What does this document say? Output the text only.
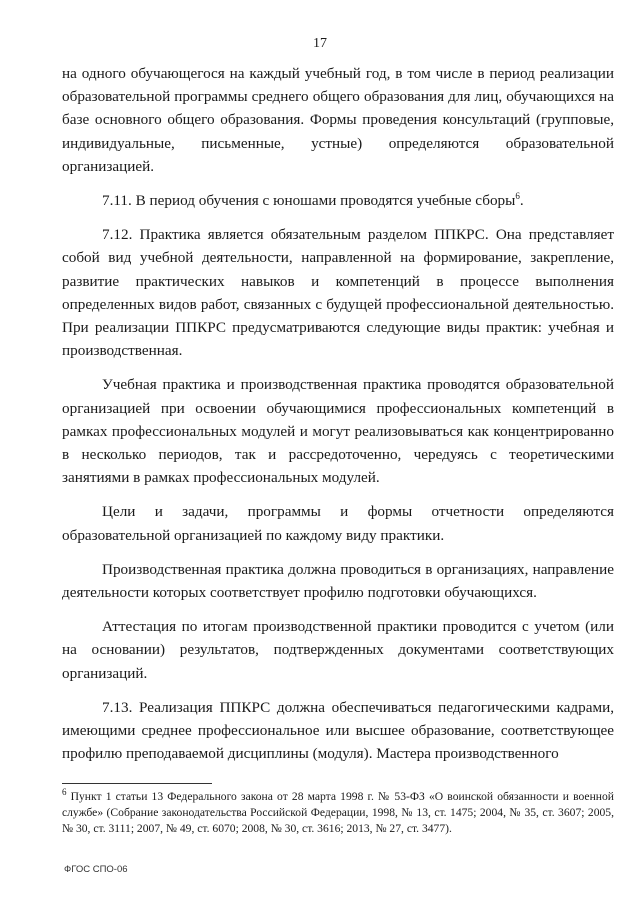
17

на одного обучающегося на каждый учебный год, в том числе в период реализации образовательной программы среднего общего образования для лиц, обучающихся на базе основного общего образования. Формы проведения консультаций (групповые, индивидуальные, письменные, устные) определяются образовательной организацией.

7.11. В период обучения с юношами проводятся учебные сборы$^6$.

7.12. Практика является обязательным разделом ППКРС. Она представляет собой вид учебной деятельности, направленной на формирование, закрепление, развитие практических навыков и компетенций в процессе выполнения определенных видов работ, связанных с будущей профессиональной деятельностью. При реализации ППКРС предусматриваются следующие виды практик: учебная и производственная.

Учебная практика и производственная практика проводятся образовательной организацией при освоении обучающимися профессиональных компетенций в рамках профессиональных модулей и могут реализовываться как концентрированно в несколько периодов, так и рассредоточенно, чередуясь с теоретическими занятиями в рамках профессиональных модулей.

Цели и задачи, программы и формы отчетности определяются образовательной организацией по каждому виду практики.

Производственная практика должна проводиться в организациях, направление деятельности которых соответствует профилю подготовки обучающихся.

Аттестация по итогам производственной практики проводится с учетом (или на основании) результатов, подтвержденных документами соответствующих организаций.

7.13. Реализация ППКРС должна обеспечиваться педагогическими кадрами, имеющими среднее профессиональное или высшее образование, соответствующее профилю преподаваемой дисциплины (модуля). Мастера производственного

$^6$ Пункт 1 статьи 13 Федерального закона от 28 марта 1998 г. № 53-ФЗ «О воинской обязанности и военной службе» (Собрание законодательства Российской Федерации, 1998, № 13, ст. 1475; 2004, № 35, ст. 3607; 2005, № 30, ст. 3111; 2007, № 49, ст. 6070; 2008, № 30, ст. 3616; 2013, № 27, ст. 3477).
ФГОС СПО-06
